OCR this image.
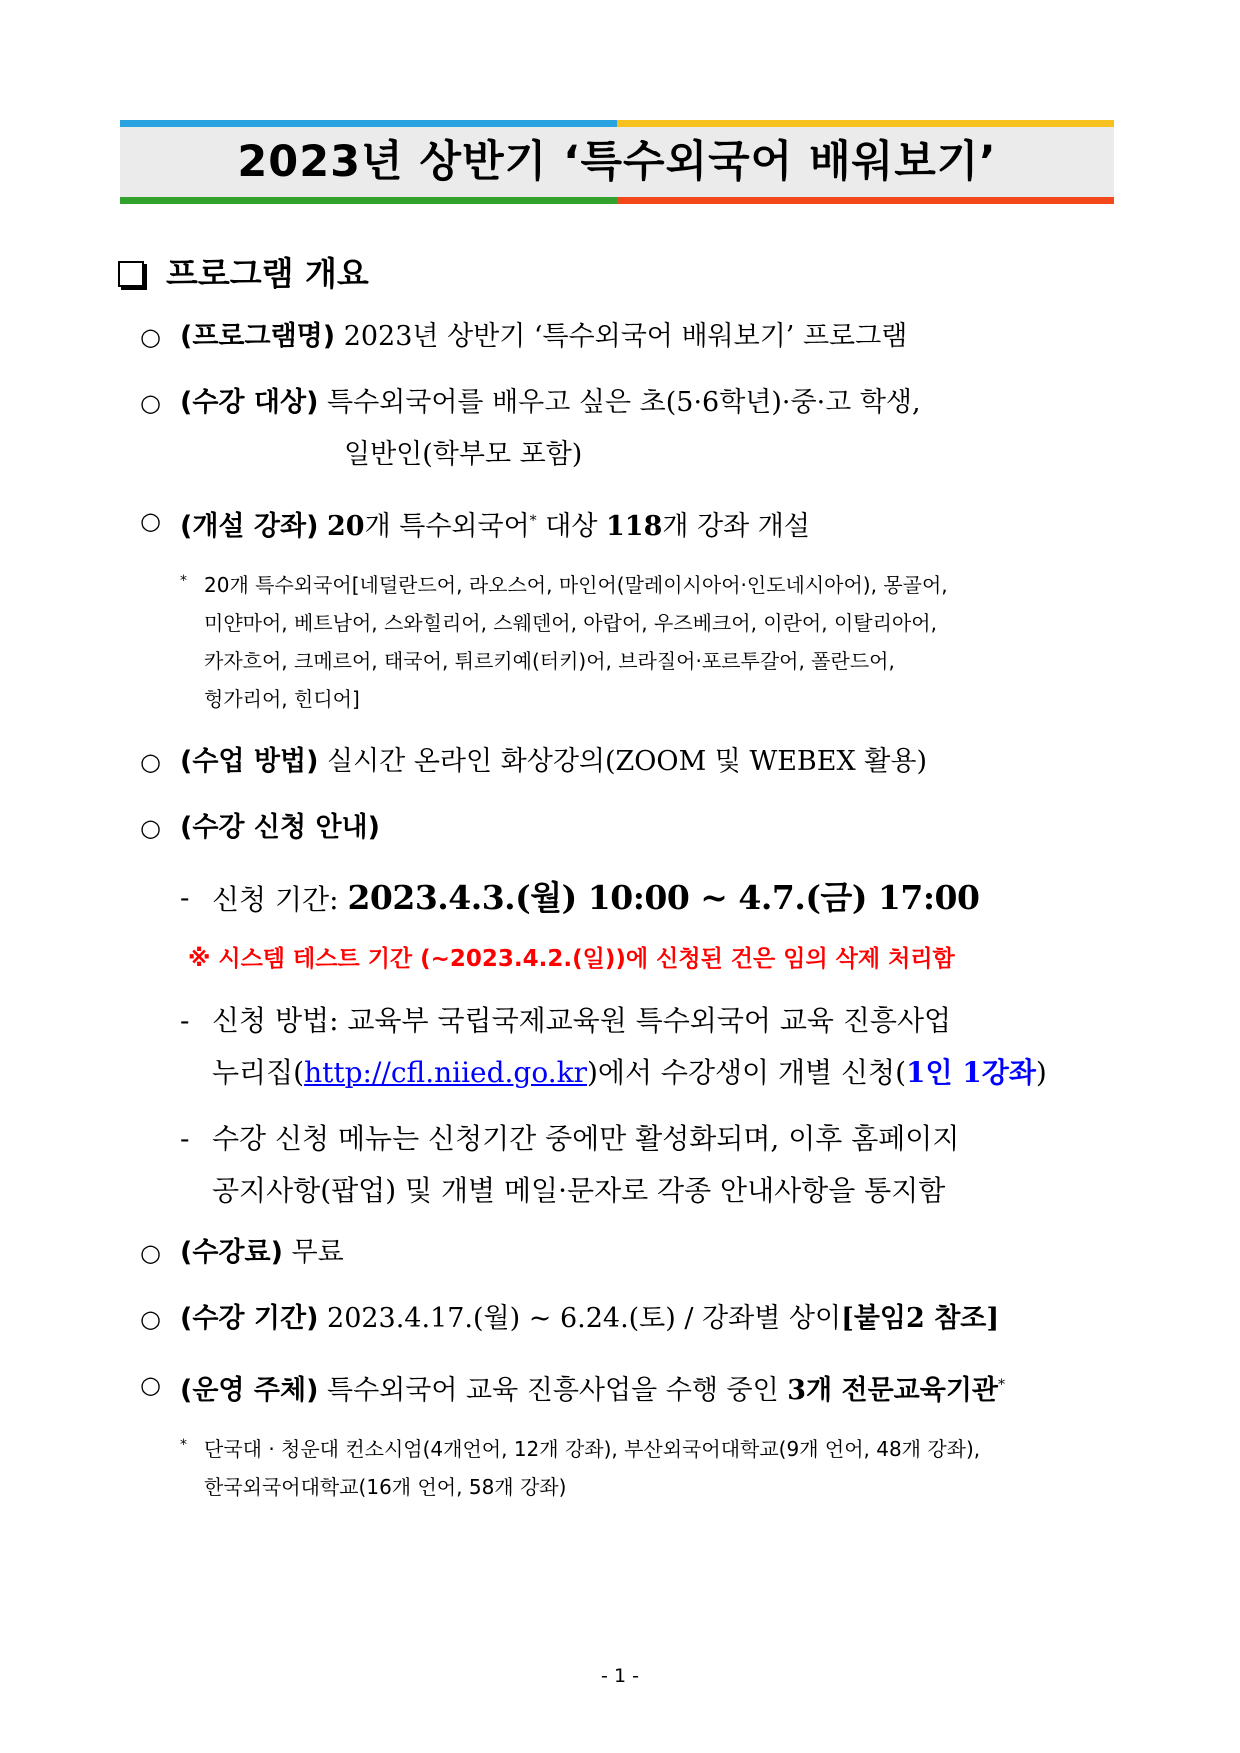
2023년 상반기 ‘특수외국어 배워보기’
프로그램 개요
○ (프로그램명) 2023년 상반기 ‘특수외국어 배워보기’ 프로그램
○ (수강 대상) 특수외국어를 배우고 싶은 초(5·6학년)·중·고 학생,
일반인(학부모 포함)
○ (개설 강좌) 20개 특수외국어* 대상 118개 강좌 개설
* 20개 특수외국어[네덜란드어, 라오스어, 마인어(말레이시아어·인도네시아어), 몽골어,
미얀마어, 베트남어, 스와힐리어, 스웨덴어, 아랍어, 우즈베크어, 이란어, 이탈리아어,
카자흐어, 크메르어, 태국어, 튀르키예(터키)어, 브라질어·포르투갈어, 폴란드어,
헝가리어, 힌디어]
○ (수업 방법) 실시간 온라인 화상강의(ZOOM 및 WEBEX 활용)
○ (수강 신청 안내)
- 신청 기간: 2023.4.3.(월) 10:00 ~ 4.7.(금) 17:00
※ 시스템 테스트 기간 (~2023.4.2.(일))에 신청된 건은 임의 삭제 처리함
- 신청 방법: 교육부 국립국제교육원 특수외국어 교육 진흥사업
누리집(http://cfl.niied.go.kr)에서 수강생이 개별 신청(1인 1강좌)
- 수강 신청 메뉴는 신청기간 중에만 활성화되며, 이후 홈페이지
공지사항(팝업) 및 개별 메일·문자로 각종 안내사항을 통지함
○ (수강료) 무료
○ (수강 기간) 2023.4.17.(월) ~ 6.24.(토) / 강좌별 상이[붙임2 참조]
○ (운영 주체) 특수외국어 교육 진흥사업을 수행 중인 3개 전문교육기관*
* 단국대 · 청운대 컨소시엄(4개언어, 12개 강좌), 부산외국어대학교(9개 언어, 48개 강좌),
한국외국어대학교(16개 언어, 58개 강좌)
- 1 -
